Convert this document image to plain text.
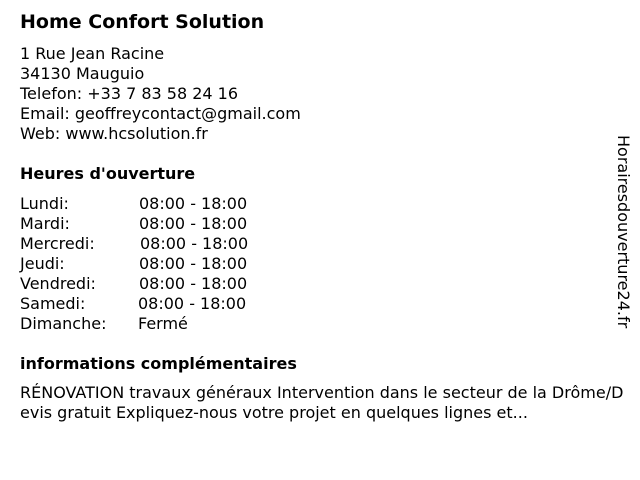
Home Confort Solution
1 Rue Jean Racine
34130 Mauguio
Telefon: +33 7 83 58 24 16
Email: geoffreycontact@gmail.com
Web: www.hcsolution.fr
Heures d'ouverture
Lundi:	08:00 - 18:00
Mardi:	08:00 - 18:00
Mercredi:	08:00 - 18:00
Jeudi:	08:00 - 18:00
Vendredi:	08:00 - 18:00
Samedi:	08:00 - 18:00
Dimanche: Fermé
informations complémentaires
RÉNOVATION travaux généraux Intervention dans le secteur de la Drôme/Devis gratuit Expliquez-nous votre projet en quelques lignes et...
Horairesdouverture24.fr
